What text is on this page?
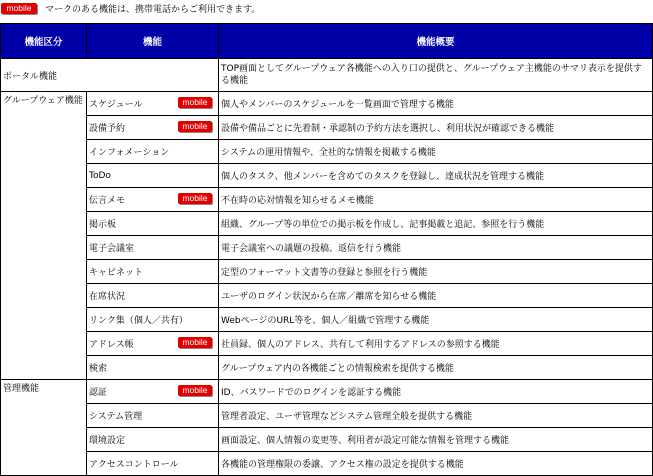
mobile	マークのある機能は、携帯電話からご利用できます。
機能区分	機能	機能概要
ポータル機能		TOP画面としてグループウェア各機能への入り口の提供と、グループウェア主機能のサマリ表示を提供する機能
グループウェア機能	スケジュール mobile	個人やメンバーのスケジュールを一覧画面で管理する機能
	設備予約 mobile	設備や備品ごとに先着制・承認制の予約方法を選択し、利用状況が確認できる機能
	インフォメーション	システムの運用情報や、全社的な情報を掲載する機能
	ToDo	個人のタスク、他メンバーを含めてのタスクを登録し、達成状況を管理する機能
	伝言メモ mobile	不在時の応対情報を知らせるメモ機能
	掲示板	組織、グループ等の単位での掲示板を作成し、記事掲載と追記、参照を行う機能
	電子会議室	電子会議室への議題の投稿、返信を行う機能
	キャビネット	定型のフォーマット文書等の登録と参照を行う機能
	在席状況	ユーザのログイン状況から在席／離席を知らせる機能
	リンク集（個人／共有）	WebページのURL等を、個人／組織で管理する機能
	アドレス帳 mobile	社員録、個人のアドレス、共有して利用するアドレスの参照する機能
	検索	グループウェア内の各機能ごとの情報検索を提供する機能
管理機能	認証 mobile	ID、パスワードでのログインを認証する機能
	システム管理	管理者設定、ユーザ管理などシステム管理全般を提供する機能
	環境設定	画面設定、個人情報の変更等、利用者が設定可能な情報を管理する機能
	アクセスコントロール	各機能の管理権限の委譲、アクセス権の設定を提供する機能
